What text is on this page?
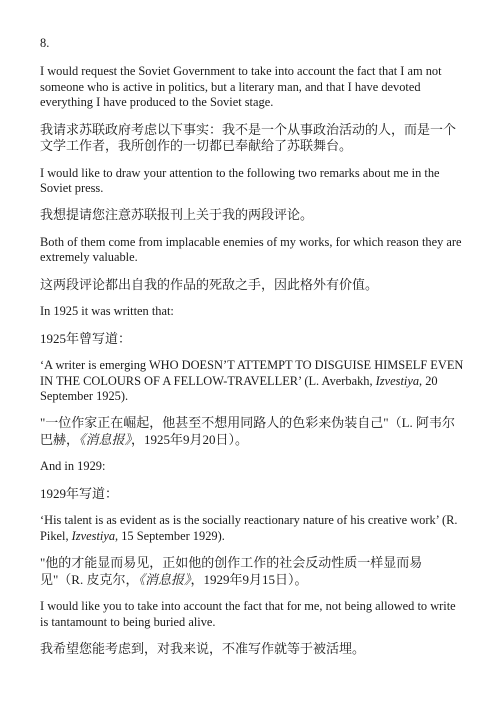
8.

I would request the Soviet Government to take into account the fact that I am not someone who is active in politics, but a literary man, and that I have devoted everything I have produced to the Soviet stage.

我请求苏联政府考虑以下事实：我不是一个从事政治活动的人，而是一个文学工作者，我所创作的一切都已奉献给了苏联舞台。

I would like to draw your attention to the following two remarks about me in the Soviet press.

我想提请您注意苏联报刊上关于我的两段评论。

Both of them come from implacable enemies of my works, for which reason they are extremely valuable.

这两段评论都出自我的作品的死敌之手，因此格外有价值。

In 1925 it was written that:

1925年曾写道：

‘A writer is emerging WHO DOESN’T ATTEMPT TO DISGUISE HIMSELF EVEN IN THE COLOURS OF A FELLOW-TRAVELLER’ (L. Averbakh, Izvestiya, 20 September 1925).

"一位作家正在崛起，他甚至不想用同路人的色彩来伪装自己"（L. 阿韦尔巴赫，《消息报》，1925年9月20日）。

And in 1929:

1929年写道：

‘His talent is as evident as is the socially reactionary nature of his creative work’ (R. Pikel, Izvestiya, 15 September 1929).

"他的才能显而易见，正如他的创作工作的社会反动性质一样显而易见"（R. 皮克尔，《消息报》，1929年9月15日）。

I would like you to take into account the fact that for me, not being allowed to write is tantamount to being buried alive.

我希望您能考虑到，对我来说，不准写作就等于被活埋。
